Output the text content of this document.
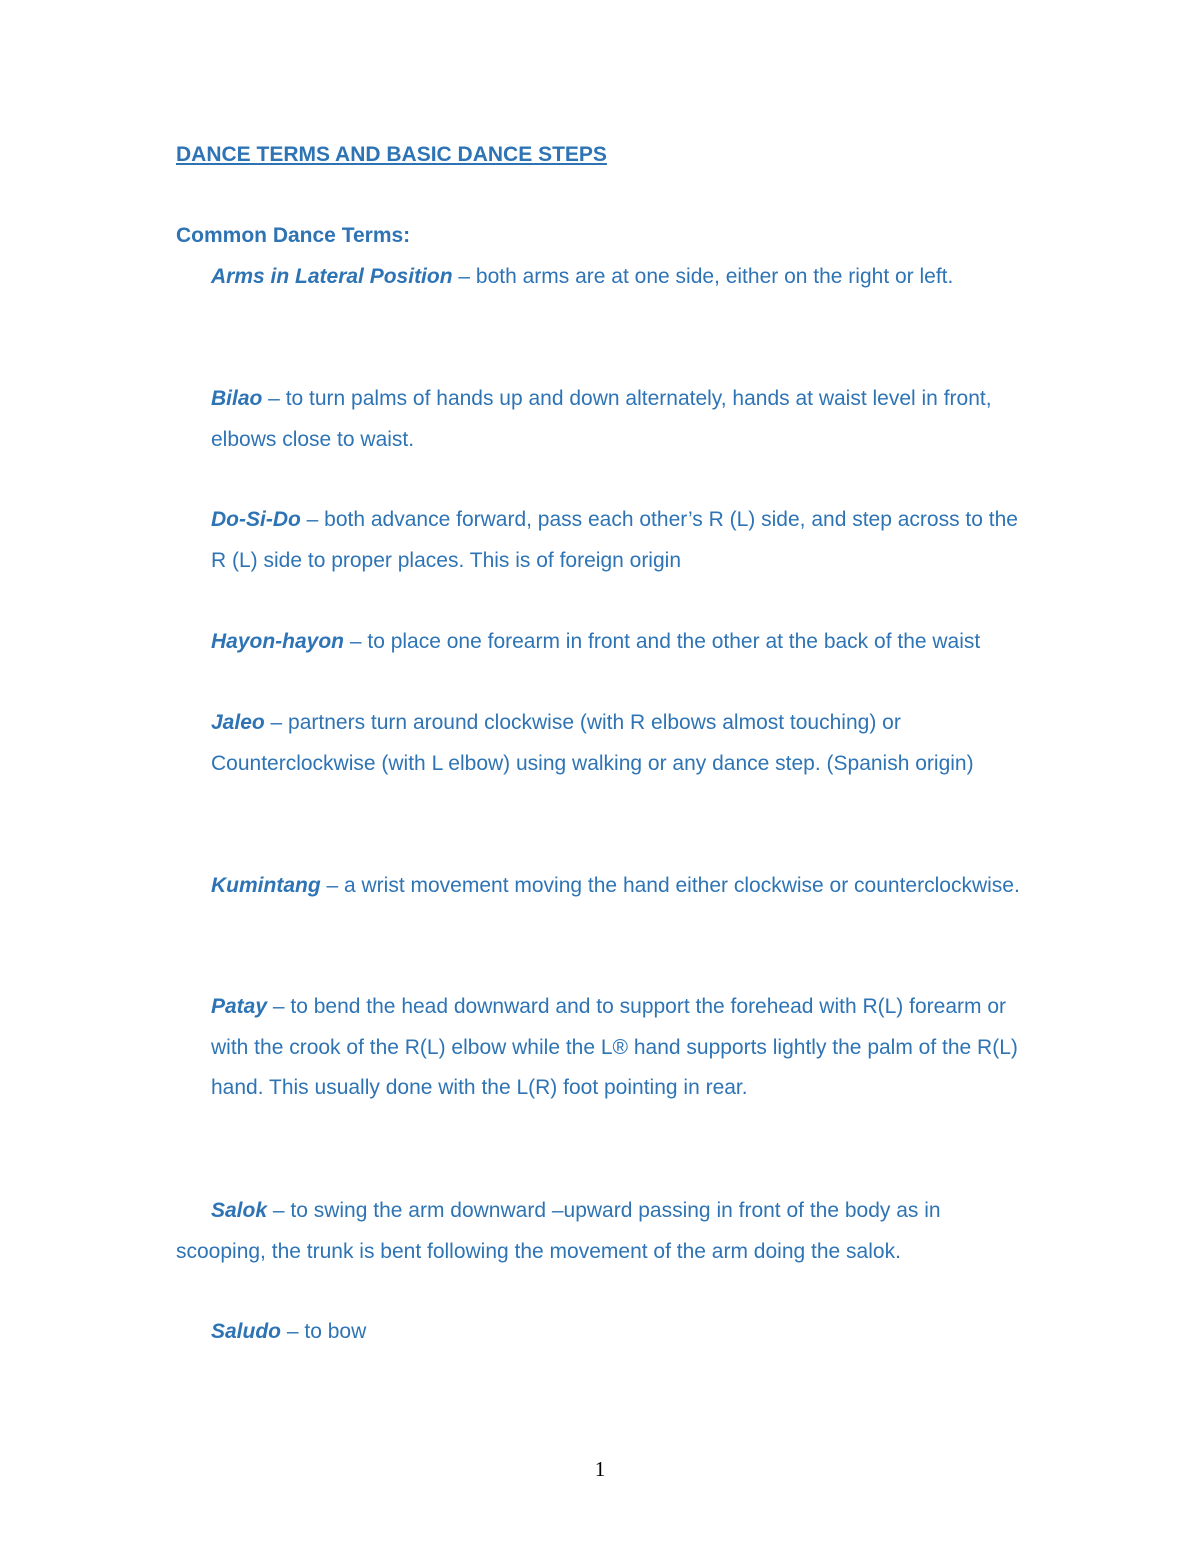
DANCE TERMS AND BASIC DANCE STEPS
Common Dance Terms:
Arms in Lateral Position – both arms are at one side, either on the right or left.
Bilao – to turn palms of hands up and down alternately, hands at waist level in front, elbows close to waist.
Do-Si-Do – both advance forward, pass each other’s R (L) side, and step across to the R (L) side to proper places. This is of foreign origin
Hayon-hayon – to place one forearm in front and the other at the back of the waist
Jaleo – partners turn around clockwise (with R elbows almost touching) or Counterclockwise (with L elbow) using walking or any dance step. (Spanish origin)
Kumintang – a wrist movement moving the hand either clockwise or counterclockwise.
Patay – to bend the head downward and to support the forehead with R(L) forearm or with the crook of the R(L) elbow while the L® hand supports lightly the palm of the R(L) hand. This usually done with the L(R) foot pointing in rear.
Salok – to swing the arm downward –upward passing in front of the body as in scooping, the trunk is bent following the movement of the arm doing the salok.
Saludo – to bow
1
